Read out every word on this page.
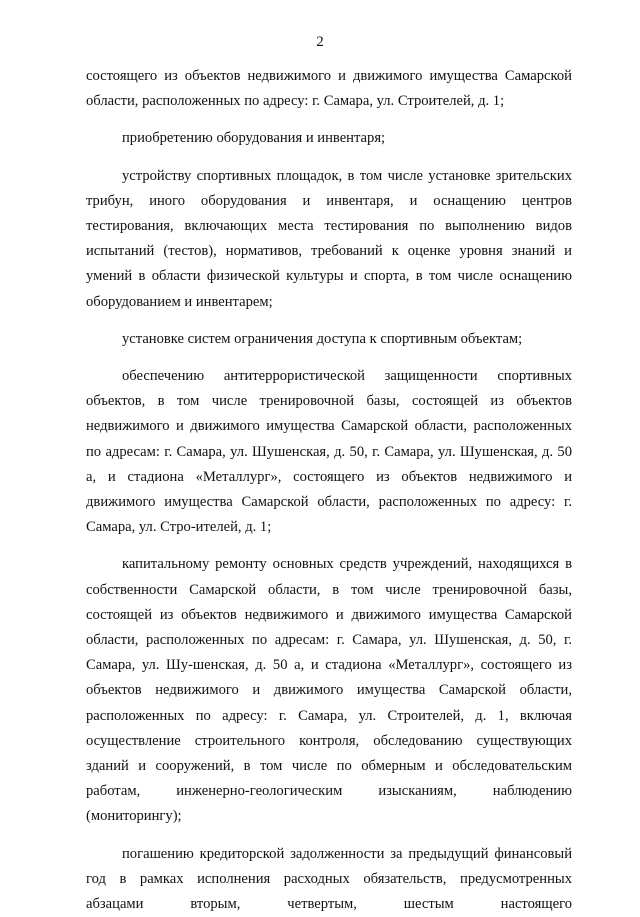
2

состоящего из объектов недвижимого и движимого имущества Самарской области, расположенных по адресу: г. Самара, ул. Строителей, д. 1;

приобретению оборудования и инвентаря;

устройству спортивных площадок, в том числе установке зрительских трибун, иного оборудования и инвентаря, и оснащению центров тестирования, включающих места тестирования по выполнению видов испытаний (тестов), нормативов, требований к оценке уровня знаний и умений в области физической культуры и спорта, в том числе оснащению оборудованием и инвентарем;

установке систем ограничения доступа к спортивным объектам;

обеспечению антитеррористической защищенности спортивных объектов, в том числе тренировочной базы, состоящей из объектов недвижимого и движимого имущества Самарской области, расположенных по адресам: г. Самара, ул. Шушенская, д. 50, г. Самара, ул. Шушенская, д. 50 а, и стадиона «Металлург», состоящего из объектов недвижимого и движимого имущества Самарской области, расположенных по адресу: г. Самара, ул. Стро-ителей, д. 1;

капитальному ремонту основных средств учреждений, находящихся в собственности Самарской области, в том числе тренировочной базы, состоящей из объектов недвижимого и движимого имущества Самарской области, расположенных по адресам: г. Самара, ул. Шушенская, д. 50, г. Самара, ул. Шу-шенская, д. 50 а, и стадиона «Металлург», состоящего из объектов недвижимого и движимого имущества Самарской области, расположенных по адресу: г. Самара, ул. Строителей, д. 1, включая осуществление строительного контроля, обследованию существующих зданий и сооружений, в том числе по обмерным и обследовательским работам, инженерно-геологическим изысканиям, наблюдению (мониторингу);

погашению кредиторской задолженности за предыдущий финансовый год в рамках исполнения расходных обязательств, предусмотренных абзацами вторым, четвертым, шестым настоящего
